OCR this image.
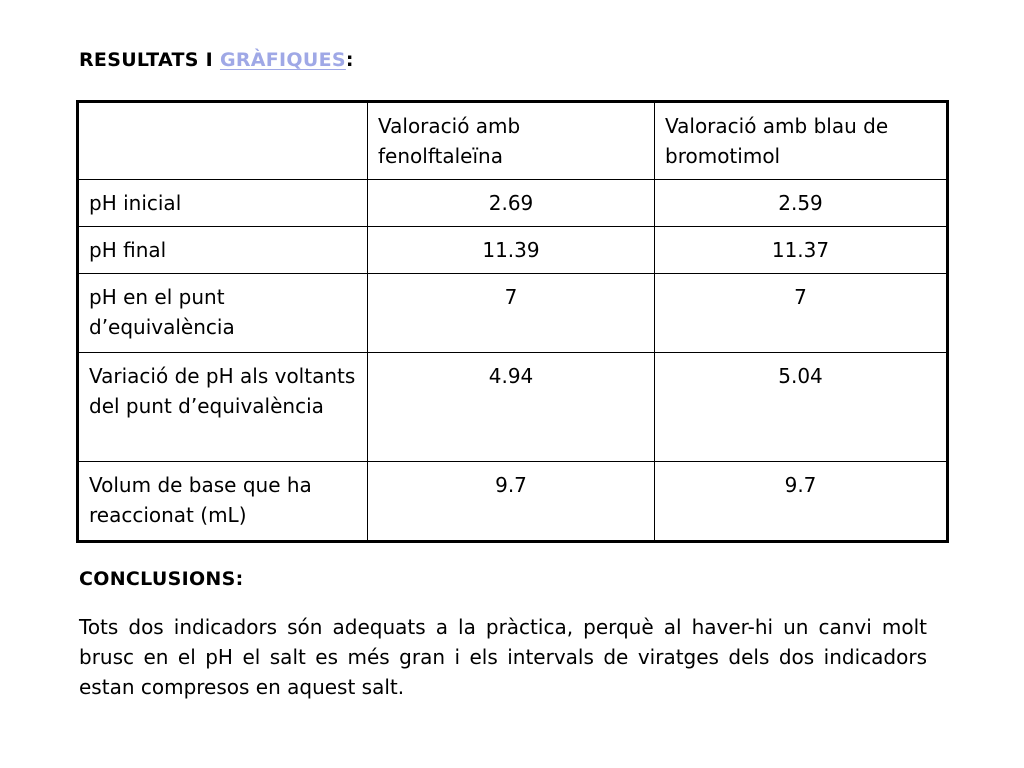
RESULTATS I GRÀFIQUES:
	Valoració amb fenolftaleïna	Valoració amb blau de bromotimol
pH inicial	2.69	2.59
pH final	11.39	11.37
pH en el punt d’equivalència	7	7
Variació de pH als voltants del punt d’equivalència	4.94	5.04
Volum de base que ha reaccionat (mL)	9.7	9.7
CONCLUSIONS:
Tots dos indicadors són adequats a la pràctica, perquè al haver-hi un canvi molt brusc en el pH el salt es més gran i els intervals de viratges dels dos indicadors estan compresos en aquest salt.
